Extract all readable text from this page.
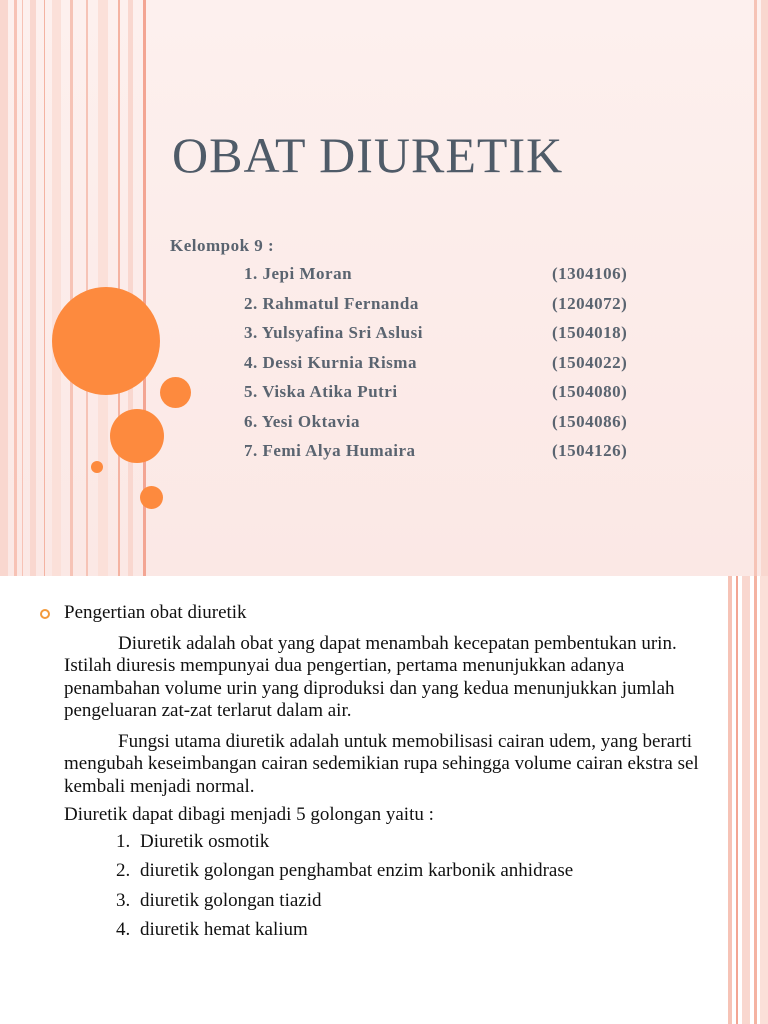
OBAT DIURETIK
Kelompok 9 :
1. Jepi Moran	(1304106)
2. Rahmatul Fernanda	(1204072)
3. Yulsyafina Sri Aslusi	(1504018)
4. Dessi Kurnia Risma	(1504022)
5. Viska Atika Putri	(1504080)
6. Yesi Oktavia	(1504086)
7. Femi Alya Humaira	(1504126)
Pengertian obat diuretik
Diuretik adalah obat yang dapat menambah kecepatan pembentukan urin. Istilah diuresis mempunyai dua pengertian, pertama menunjukkan adanya penambahan volume urin yang diproduksi dan yang kedua menunjukkan jumlah pengeluaran zat-zat terlarut dalam air.
Fungsi utama diuretik adalah untuk memobilisasi cairan udem, yang berarti mengubah keseimbangan cairan sedemikian rupa sehingga volume cairan ekstra sel kembali menjadi normal.
Diuretik dapat dibagi menjadi 5 golongan yaitu :
1. Diuretik osmotik
2. diuretik golongan penghambat enzim karbonik anhidrase
3. diuretik golongan tiazid
4. diuretik hemat kalium
